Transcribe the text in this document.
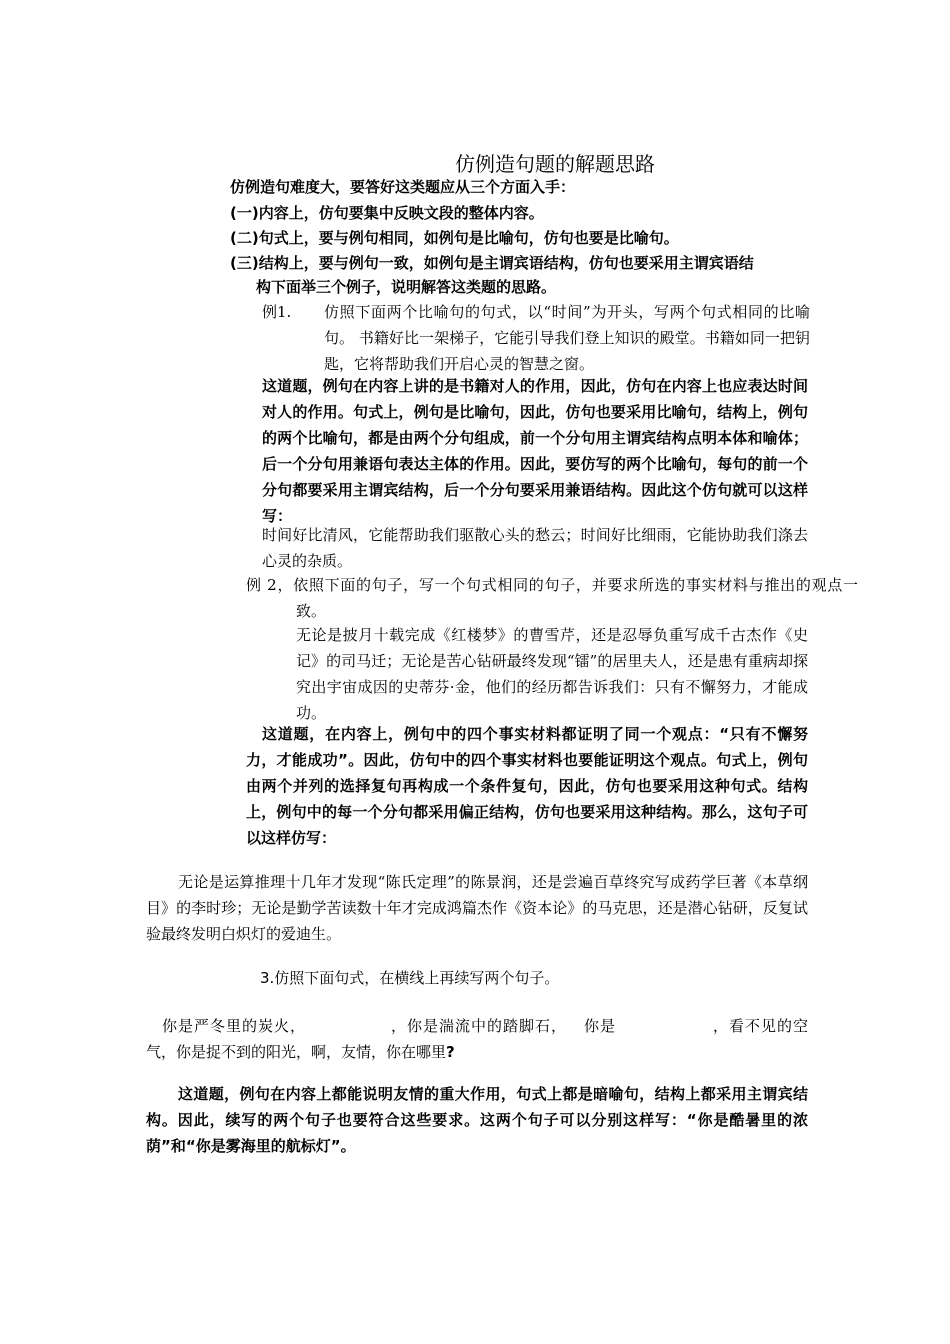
仿例造句题的解题思路
仿例造句难度大，要答好这类题应从三个方面入手：
(一)内容上，仿句要集中反映文段的整体内容。
(二)句式上，要与例句相同，如例句是比喻句，仿句也要是比喻句。
(三)结构上，要与例句一致，如例句是主谓宾语结构，仿句也要采用主谓宾语结
构下面举三个例子，说明解答这类题的思路。
例1.	仿照下面两个比喻句的句式，以“时间”为开头，写两个句式相同的比喻句。 书籍好比一架梯子，它能引导我们登上知识的殿堂。书籍如同一把钥匙，它将帮助我们开启心灵的智慧之窗。
这道题，例句在内容上讲的是书籍对人的作用，因此，仿句在内容上也应表达时间对人的作用。句式上，例句是比喻句，因此，仿句也要采用比喻句，结构上，例句的两个比喻句，都是由两个分句组成，前一个分句用主谓宾结构点明本体和喻体；后一个分句用兼语句表达主体的作用。因此，要仿写的两个比喻句，每句的前一个分句都要采用主谓宾结构，后一个分句要采用兼语结构。因此这个仿句就可以这样写：
时间好比清风，它能帮助我们驱散心头的愁云；时间好比细雨，它能协助我们涤去心灵的杂质。
例 2，依照下面的句子，写一个句式相同的句子，并要求所选的事实材料与推出的观点一致。
无论是披月十载完成《红楼梦》的曹雪芹，还是忍辱负重写成千古杰作《史记》的司马迁；无论是苦心钻研最终发现“镭”的居里夫人，还是患有重病却探究出宇宙成因的史蒂芬·金，他们的经历都告诉我们：只有不懈努力，才能成功。
这道题，在内容上，例句中的四个事实材料都证明了同一个观点：“只有不懈努力，才能成功”。因此，仿句中的四个事实材料也要能证明这个观点。句式上，例句由两个并列的选择复句再构成一个条件复句，因此，仿句也要采用这种句式。结构上，例句中的每一个分句都采用偏正结构，仿句也要采用这种结构。那么，这句子可以这样仿写：
无论是运算推理十几年才发现“陈氏定理”的陈景润，还是尝遍百草终究写成药学巨著《本草纲目》的李时珍；无论是勤学苦读数十年才完成鸿篇杰作《资本论》的马克思，还是潜心钻研，反复试验最终发明白炽灯的爱迪生。
3.仿照下面句式，在横线上再续写两个句子。
你是严冬里的炭火，	，你是湍流中的踏脚石， 你是	，看不见的空气，你是捉不到的阳光，啊，友情，你在哪里?
这道题，例句在内容上都能说明友情的重大作用，句式上都是暗喻句，结构上都采用主谓宾结构。因此，续写的两个句子也要符合这些要求。这两个句子可以分别这样写：“你是酷暑里的浓荫”和“你是雾海里的航标灯”。
